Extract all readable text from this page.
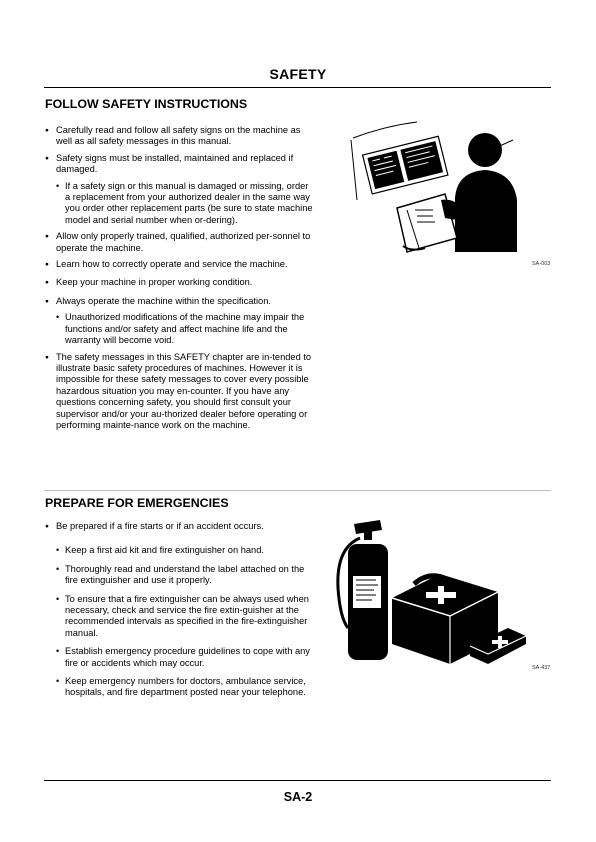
SAFETY
FOLLOW SAFETY INSTRUCTIONS

● Carefully read and follow all safety signs on the machine as well as all safety messages in this manual.

● Safety signs must be installed, maintained and replaced if damaged.

• If a safety sign or this manual is damaged or missing, order a replacement from your authorized dealer in the same way you order other replacement parts (be sure to state machine model and serial number when or-dering).

● Allow only properly trained, qualified, authorized per-sonnel to operate the machine.

● Learn how to correctly operate and service the machine.

● Keep your machine in proper working condition.

● Always operate the machine within the specification.

• Unauthorized modifications of the machine may impair the functions and/or safety and affect machine life and the warranty will become void.

● The safety messages in this SAFETY chapter are in-tended to illustrate basic safety procedures of machines. However it is impossible for these safety messages to cover every possible hazardous situation you may en-counter. If you have any questions concerning safety, you should first consult your supervisor and/or your au-thorized dealer before operating or performing mainte-nance work on the machine.

SA-003
PREPARE FOR EMERGENCIES

● Be prepared if a fire starts or if an accident occurs.

• Keep a first aid kit and fire extinguisher on hand.

• Thoroughly read and understand the label attached on the fire extinguisher and use it properly.

• To ensure that a fire extinguisher can be always used when necessary, check and service the fire extin-guisher at the recommended intervals as specified in the fire-extinguisher manual.

• Establish emergency procedure guidelines to cope with any fire or accidents which may occur.

• Keep emergency numbers for doctors, ambulance service, hospitals, and fire department posted near your telephone.

SA-437
SA-2
